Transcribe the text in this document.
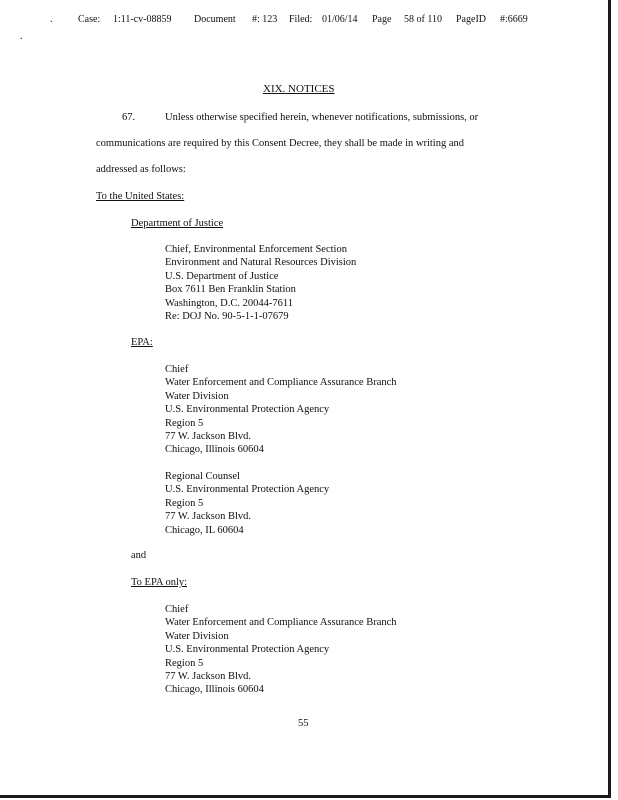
.	Case: 1:11-cv-08859 Document #: 123 Filed: 01/06/14 Page 58 of 110 PageID #:6669
.
XIX. NOTICES
67.	Unless otherwise specified herein, whenever notifications, submissions, or
communications are required by this Consent Decree, they shall be made in writing and
addressed as follows:
To the United States:
Department of Justice
Chief, Environmental Enforcement Section
Environment and Natural Resources Division
U.S. Department of Justice
Box 7611 Ben Franklin Station
Washington, D.C. 20044-7611
Re: DOJ No. 90-5-1-1-07679
EPA:
Chief
Water Enforcement and Compliance Assurance Branch
Water Division
U.S. Environmental Protection Agency
Region 5
77 W. Jackson Blvd.
Chicago, Illinois 60604
Regional Counsel
U.S. Environmental Protection Agency
Region 5
77 W. Jackson Blvd.
Chicago, IL 60604
and
To EPA only:
Chief
Water Enforcement and Compliance Assurance Branch
Water Division
U.S. Environmental Protection Agency
Region 5
77 W. Jackson Blvd.
Chicago, Illinois 60604
55
